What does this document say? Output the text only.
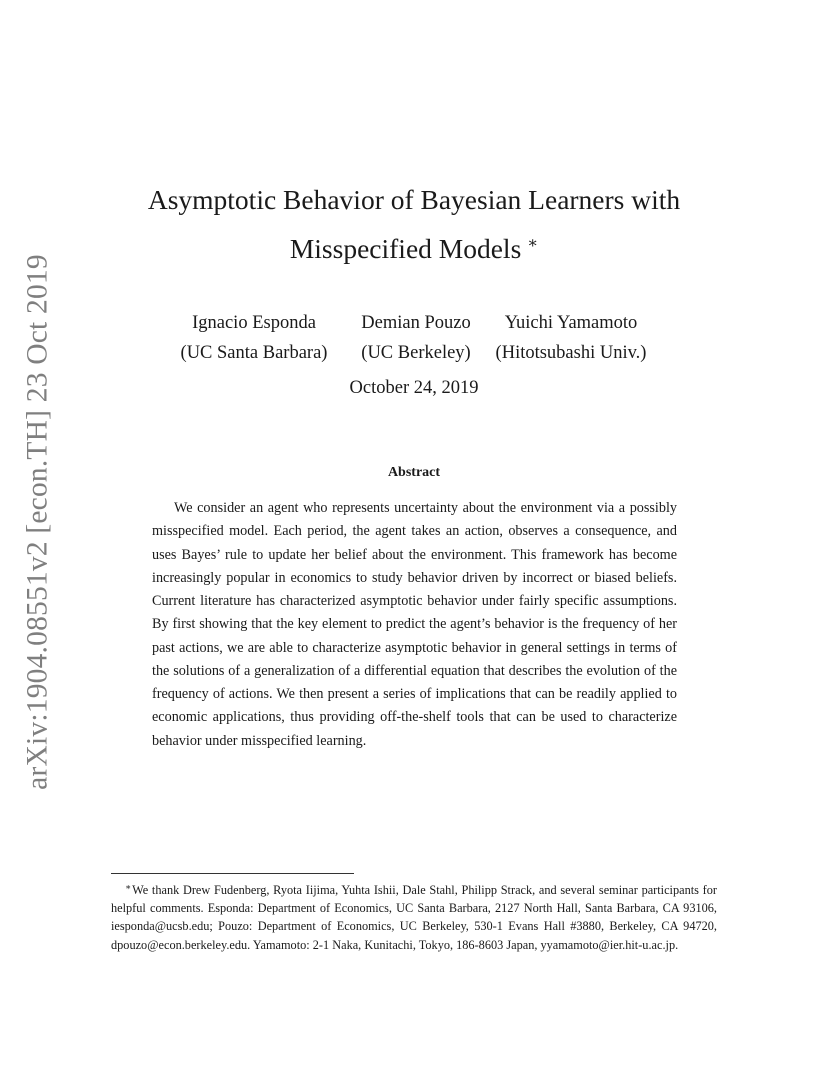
arXiv:1904.08551v2 [econ.TH] 23 Oct 2019
Asymptotic Behavior of Bayesian Learners with
Misspecified Models ∗
Ignacio Esponda
(UC Santa Barbara)
Demian Pouzo
(UC Berkeley)
Yuichi Yamamoto
(Hitotsubashi Univ.)
October 24, 2019
Abstract

We consider an agent who represents uncertainty about the environment via a possibly misspecified model. Each period, the agent takes an action, observes a consequence, and uses Bayes’ rule to update her belief about the environment. This framework has become increasingly popular in economics to study behavior driven by incorrect or biased beliefs. Current literature has characterized asymptotic behavior under fairly specific assumptions. By first showing that the key element to predict the agent’s behavior is the frequency of her past actions, we are able to characterize asymptotic behavior in general settings in terms of the solutions of a generalization of a differential equation that describes the evolution of the frequency of actions. We then present a series of implications that can be readily applied to economic applications, thus providing off-the-shelf tools that can be used to characterize behavior under misspecified learning.

∗We thank Drew Fudenberg, Ryota Iijima, Yuhta Ishii, Dale Stahl, Philipp Strack, and several seminar participants for helpful comments. Esponda: Department of Economics, UC Santa Barbara, 2127 North Hall, Santa Barbara, CA 93106, iesponda@ucsb.edu; Pouzo: Department of Economics, UC Berkeley, 530-1 Evans Hall #3880, Berkeley, CA 94720, dpouzo@econ.berkeley.edu. Yamamoto: 2-1 Naka, Kunitachi, Tokyo, 186-8603 Japan, yyamamoto@ier.hit-u.ac.jp.
